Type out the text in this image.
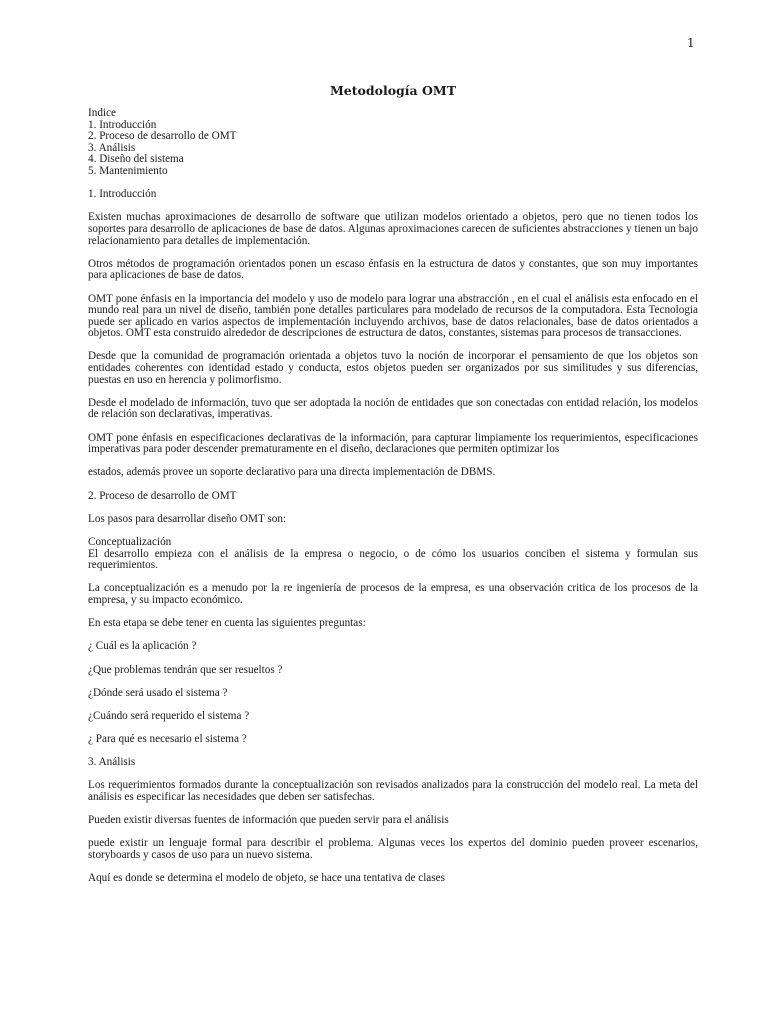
1
Metodología OMT
Indice
1. Introducción
2. Proceso de desarrollo de OMT
3. Análisis
4. Diseño del sistema
5. Mantenimiento

1. Introducción

Existen muchas aproximaciones de desarrollo de software que utilizan modelos orientado a objetos, pero que no tienen todos los soportes para desarrollo de aplicaciones de base de datos. Algunas aproximaciones carecen de suficientes abstracciones y tienen un bajo relacionamiento para detalles de implementación.

Otros métodos de programación orientados ponen un escaso énfasis en la estructura de datos y constantes, que son muy importantes para aplicaciones de base de datos.

OMT pone énfasis en la importancia del modelo y uso de modelo para lograr una abstracción , en el cual el análisis esta enfocado en el mundo real para un nivel de diseño, también pone detalles particulares para modelado de recursos de la computadora. Esta Tecnologia puede ser aplicado en varios aspectos de implementación incluyendo archivos, base de datos relacionales, base de datos orientados a objetos. OMT esta construido alrededor de descripciones de estructura de datos, constantes, sistemas para procesos de transacciones.

Desde que la comunidad de programación orientada a objetos tuvo la noción de incorporar el pensamiento de que los objetos son entidades coherentes con identidad estado y conducta, estos objetos pueden ser organizados por sus similitudes y sus diferencias, puestas en uso en herencia y polimorfismo.

Desde el modelado de información, tuvo que ser adoptada la noción de entidades que son conectadas con entidad relación, los modelos de relación son declarativas, imperativas.

OMT pone énfasis en especificaciones declarativas de la información, para capturar limpiamente los requerimientos, especificaciones imperativas para poder descender prematuramente en el diseño, declaraciones que permiten optimizar los

estados, además provee un soporte declarativo para una directa implementación de DBMS.

2. Proceso de desarrollo de OMT

Los pasos para desarrollar diseño OMT son:

Conceptualización
El desarrollo empieza con el análisis de la empresa o negocio, o de cómo los usuarios conciben el sistema y formulan sus requerimientos.

La conceptualización es a menudo por la re ingeniería de procesos de la empresa, es una observación critica de los procesos de la empresa, y su impacto económico.

En esta etapa se debe tener en cuenta las siguientes preguntas:

¿ Cuál es la aplicación ?

¿Que problemas tendrán que ser resueltos ?

¿Dónde será usado el sistema ?

¿Cuándo será requerido el sistema ?

¿ Para qué es necesario el sistema ?

3. Análisis

Los requerimientos formados durante la conceptualización son revisados analizados para la construcción del modelo real. La meta del análisis es especificar las necesidades que deben ser satisfechas.

Pueden existir diversas fuentes de información que pueden servir para el análisis

puede existir un lenguaje formal para describir el problema. Algunas veces los expertos del dominio pueden proveer escenarios, storyboards y casos de uso para un nuevo sistema.

Aquí es donde se determina el modelo de objeto, se hace una tentativa de clases
